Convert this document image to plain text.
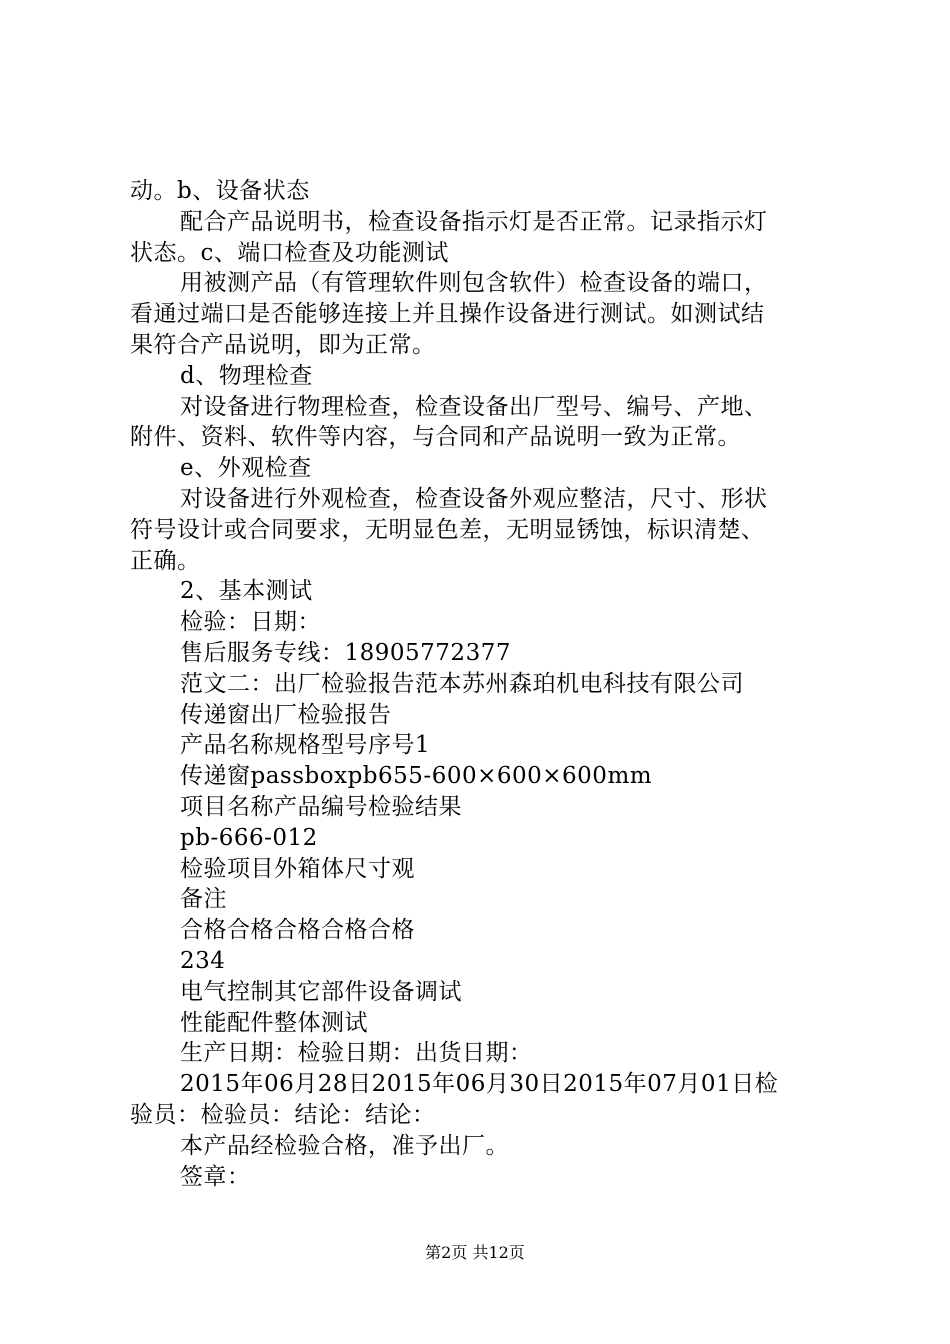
动。b、设备状态
配合产品说明书，检查设备指示灯是否正常。记录指示灯
状态。c、端口检查及功能测试
用被测产品（有管理软件则包含软件）检查设备的端口，
看通过端口是否能够连接上并且操作设备进行测试。如测试结
果符合产品说明，即为正常。
d、物理检查
对设备进行物理检查，检查设备出厂型号、编号、产地、
附件、资料、软件等内容，与合同和产品说明一致为正常。
e、外观检查
对设备进行外观检查，检查设备外观应整洁，尺寸、形状
符号设计或合同要求，无明显色差，无明显锈蚀，标识清楚、
正确。
2、基本测试
检验：日期：
售后服务专线：18905772377
范文二：出厂检验报告范本苏州森珀机电科技有限公司
传递窗出厂检验报告
产品名称规格型号序号1
传递窗passboxpb655-600×600×600mm
项目名称产品编号检验结果
pb-666-012
检验项目外箱体尺寸观
备注
合格合格合格合格合格
234
电气控制其它部件设备调试
性能配件整体测试
生产日期：检验日期：出货日期：
2015年06月28日2015年06月30日2015年07月01日检
验员：检验员：结论：结论：
本产品经检验合格，准予出厂。
签章：
第2页 共12页
